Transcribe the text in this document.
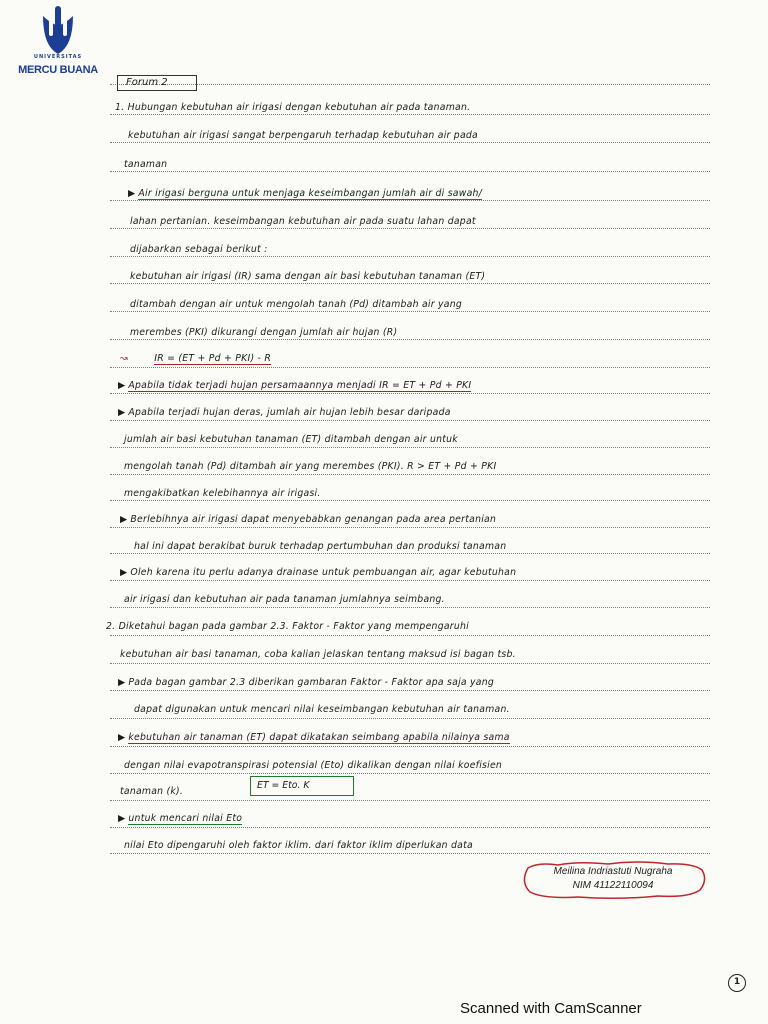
UNIVERSITAS
MERCU BUANA
Forum 2
1. Hubungan kebutuhan air irigasi dengan kebutuhan air pada tanaman.
kebutuhan air irigasi sangat berpengaruh terhadap kebutuhan air pada
tanaman
▶ Air irigasi berguna untuk menjaga keseimbangan jumlah air di sawah/
lahan pertanian. keseimbangan kebutuhan air pada suatu lahan dapat
dijabarkan sebagai berikut :
kebutuhan air irigasi (IR) sama dengan air basi kebutuhan tanaman (ET)
ditambah dengan air untuk mengolah tanah (Pd) ditambah air yang
merembes (PKI) dikurangi dengan jumlah air hujan (R)
↝	IR = (ET + Pd + PKI) - R
▶ Apabila tidak terjadi hujan persamaannya menjadi IR = ET + Pd + PKI
▶ Apabila terjadi hujan deras, jumlah air hujan lebih besar daripada
jumlah air basi kebutuhan tanaman (ET) ditambah dengan air untuk
mengolah tanah (Pd) ditambah air yang merembes (PKI). R > ET + Pd + PKI
mengakibatkan kelebihannya air irigasi.
▶ Berlebihnya air irigasi dapat menyebabkan genangan pada area pertanian
hal ini dapat berakibat buruk terhadap pertumbuhan dan produksi tanaman
▶ Oleh karena itu perlu adanya drainase untuk pembuangan air, agar kebutuhan
air irigasi dan kebutuhan air pada tanaman jumlahnya seimbang.
2. Diketahui bagan pada gambar 2.3. Faktor - Faktor yang mempengaruhi
kebutuhan air basi tanaman, coba kalian jelaskan tentang maksud isi bagan tsb.
▶ Pada bagan gambar 2.3 diberikan gambaran Faktor - Faktor apa saja yang
dapat digunakan untuk mencari nilai keseimbangan kebutuhan air tanaman.
▶ kebutuhan air tanaman (ET) dapat dikatakan seimbang apabila nilainya sama
dengan nilai evapotranspirasi potensial (Eto) dikalikan dengan nilai koefisien
tanaman (k).
ET = Eto. K
▶ untuk mencari nilai Eto
nilai Eto dipengaruhi oleh faktor iklim. dari faktor iklim diperlukan data
Meilina Indriastuti Nugraha
NIM 41122110094
1
Scanned with CamScanner
